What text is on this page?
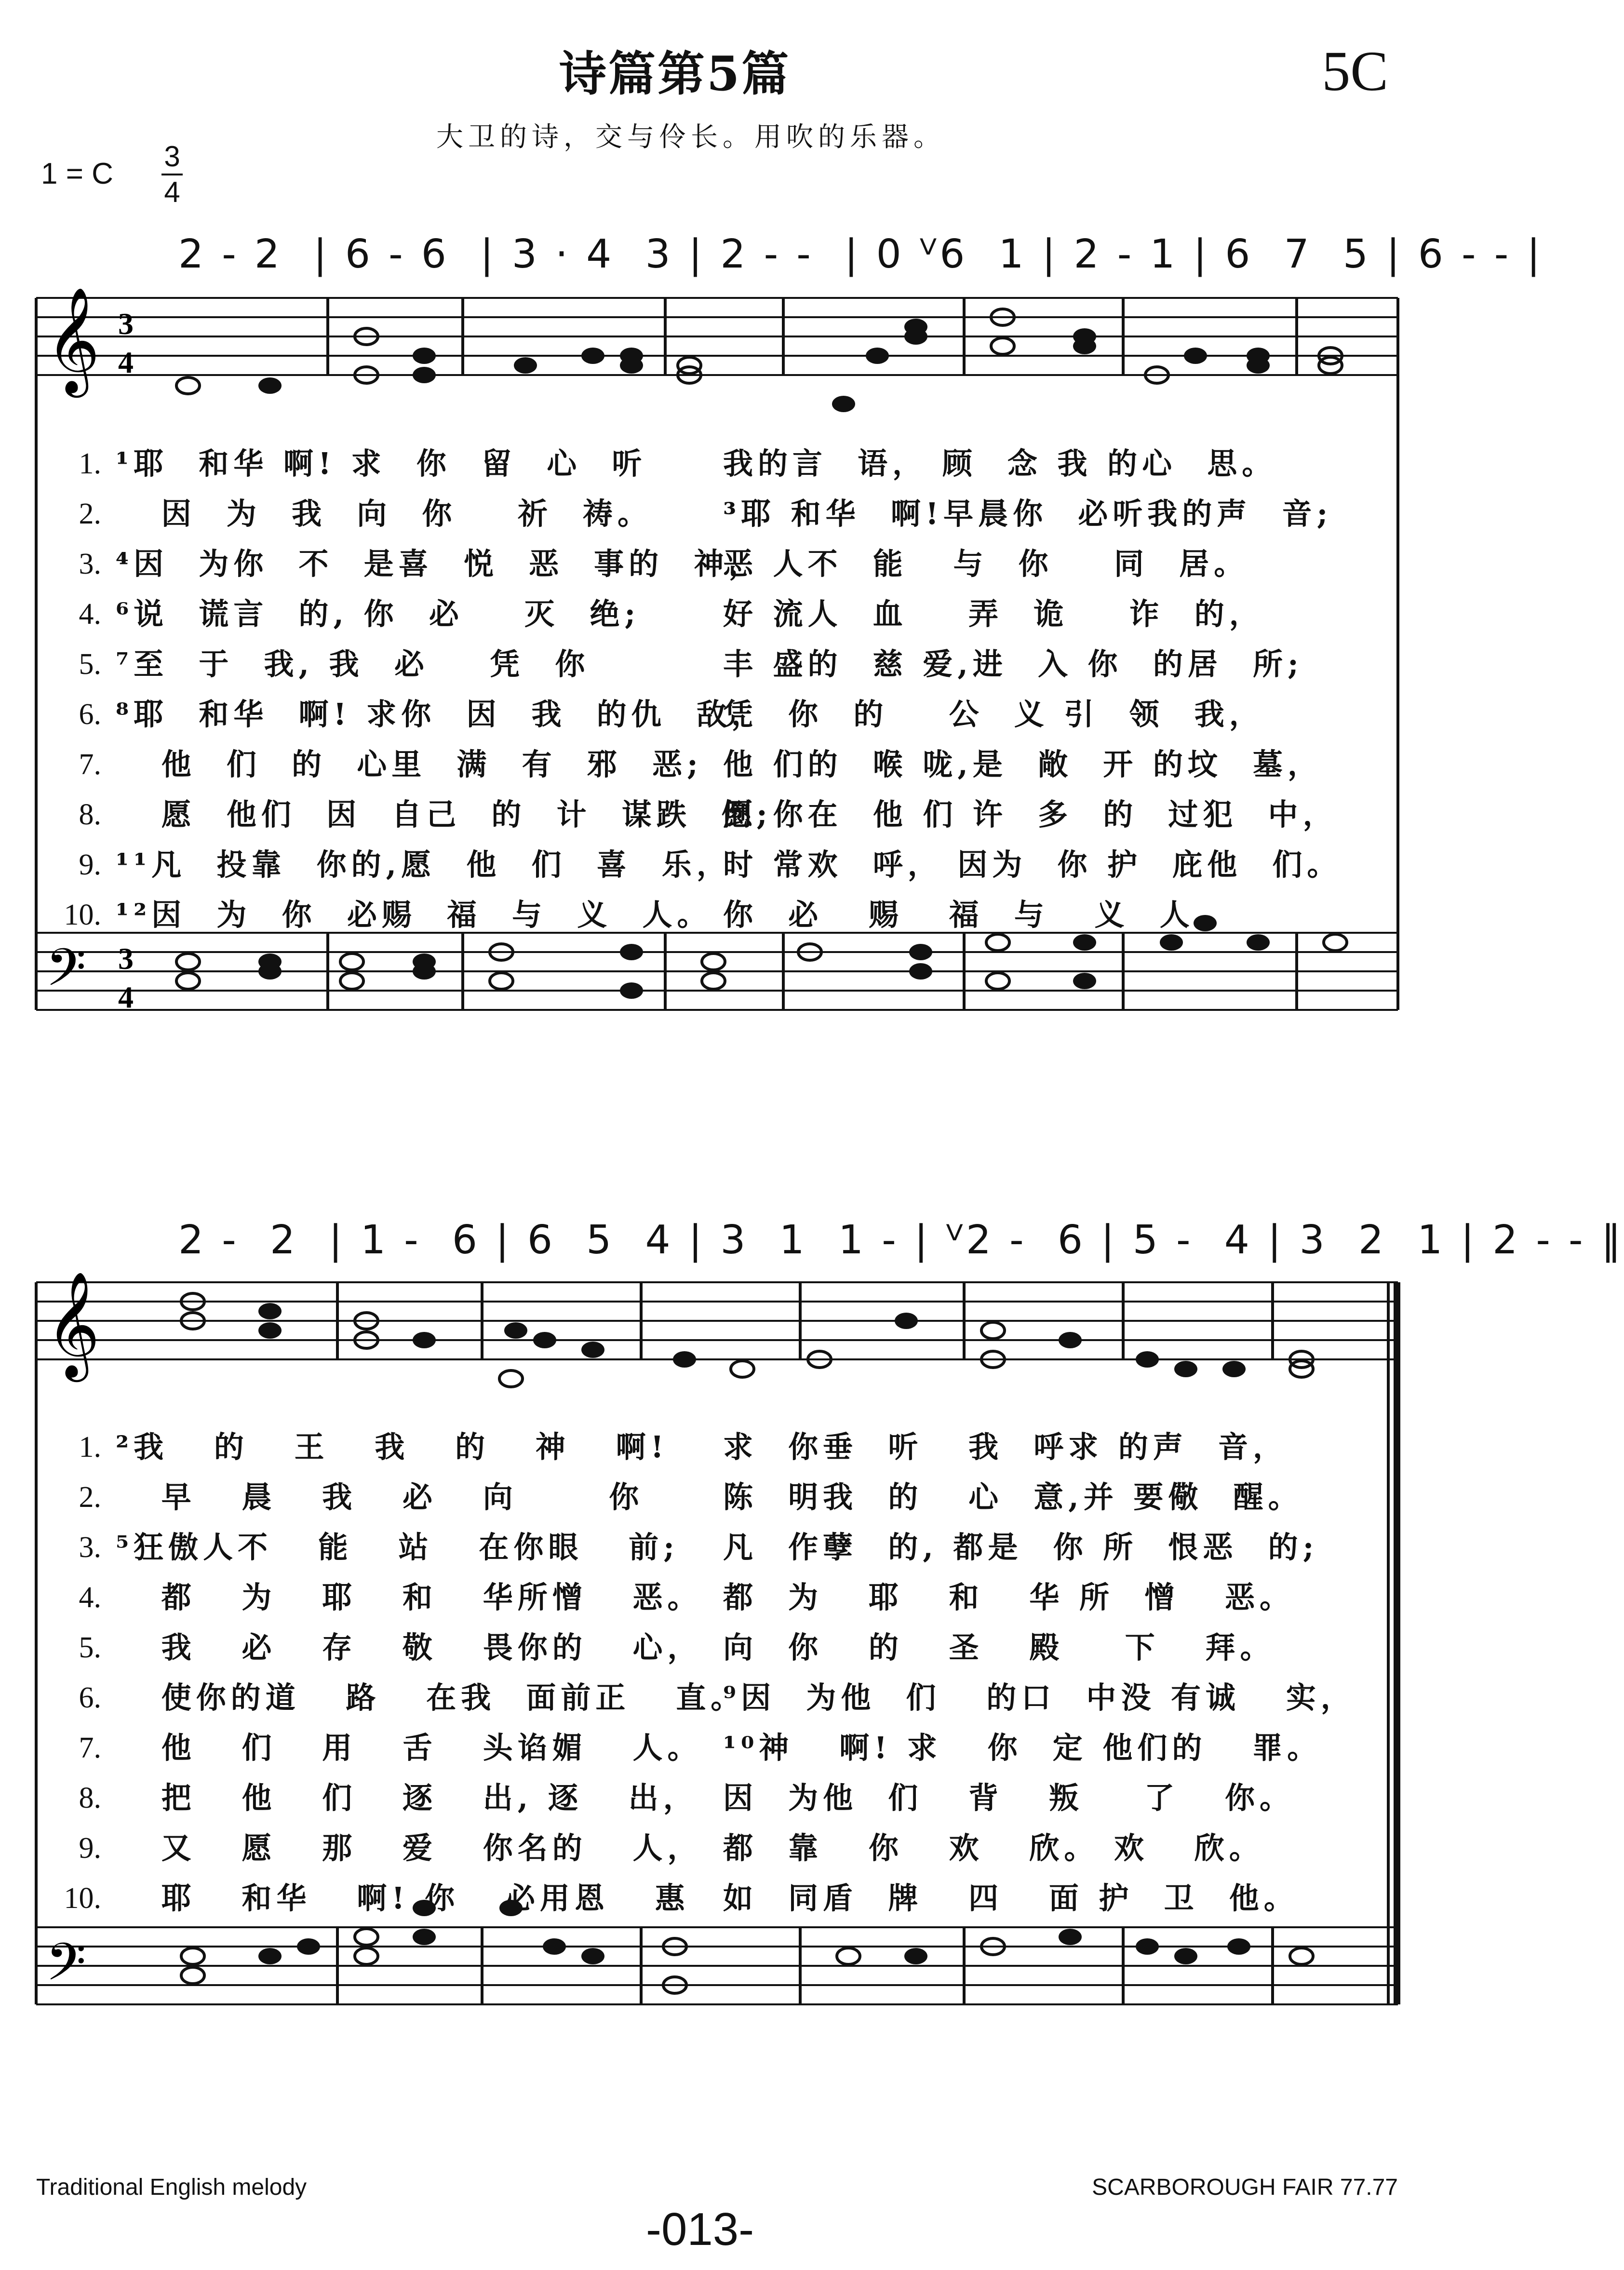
诗篇第5篇	5C
大卫的诗，交与伶长。用吹的乐器。
1 = C
3
4
2 - 2  | 6 - 6  | 3 · 4  3 | 2 - -  | 0 ⱽ6  1 | 2 - 1 | 6  7  5 | 6 - - |
𝄞 3
4
𝄢 3
4
𝄞
𝄢
1. ¹耶  和华 啊! 求  你  留  心  听	我的言  语， 顾  念 我 的心  思。
2. 因  为  我  向  你    祈  祷。	³耶 和华  啊!早晨你  必听我的声  音;
3. ⁴因  为你  不  是喜  悦  恶  事的  神，
恶 人不  能   与  你    同  居。
4. ⁶说  谎言  的, 你  必    灭  绝;	好 流人  血    弄  诡    诈  的，
5. ⁷至  于  我, 我  必    凭  你	丰 盛的  慈 爱,进  入 你  的居  所;
6. ⁸耶  和华  啊! 求你  因  我  的仇  敌，
凭  你  的    公  义 引  领  我，
7. 他  们  的  心里  满  有  邪  恶; 他 们的  喉 咙,是  敞  开 的坟  墓，
8. 愿  他们  因  自己  的  计  谋跌  倒;
愿 你在  他 们 许  多  的  过犯  中，
9. ¹¹凡  投靠  你的,愿  他  们  喜  乐，
时 常欢  呼， 因为  你 护  庇他  们。
10. ¹²因  为  你  必赐  福  与  义  人。 你  必   赐   福  与   义  人。
2 -  2  | 1 -  6 | 6  5  4 | 3  1  1 - | ⱽ2 -  6 | 5 -  4 | 3  2  1 | 2 - - ‖
1. ²我   的   王   我   的   神   啊!	求  你垂  听   我  呼求 的声  音，
2. 早   晨   我   必   向      你	陈  明我  的   心  意,并 要儆  醒。
3. ⁵狂傲人不   能   站   在你眼   前;	凡  作孽  的, 都是  你 所  恨恶  的;
4. 都   为   耶   和   华所憎   恶。 都  为   耶   和   华 所  憎   恶。
5. 我   必   存   敬   畏你的   心， 向  你   的   圣   殿    下   拜。
6. 使你的道   路   在我  面前正   直。
⁹因  为他  们   的口  中没 有诚   实，
7. 他   们   用   舌   头谄媚   人。 ¹⁰神   啊! 求   你  定 他们的   罪。
8. 把   他   们   逐   出, 逐   出， 因  为他  们   背   叛    了   你。
9. 又   愿   那   爱   你名的   人， 都  靠   你   欢   欣。 欢   欣。
10. 耶   和华   啊! 你   必用恩   惠	如  同盾  牌   四   面 护  卫  他。
Traditional English melody	SCARBOROUGH FAIR 77.77
-013-
